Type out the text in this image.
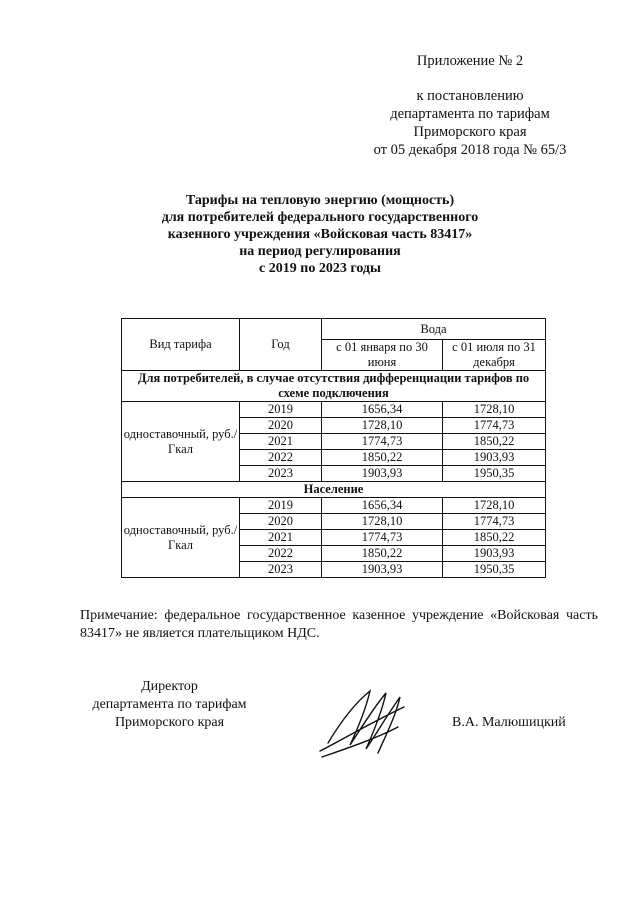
Приложение № 2
к постановлению
департамента по тарифам
Приморского края
от 05 декабря 2018 года № 65/3
Тарифы на тепловую энергию (мощность)
для потребителей федерального государственного
казенного учреждения «Войсковая часть 83417»
на период регулирования
с 2019 по 2023 годы
Вид тарифа	Год	Вода	
		с 01 января по 30 июня	с 01 июля по 31 декабря
Для потребителей, в случае отсутствия дифференциации тарифов по схеме подключения			
одноставочный, руб./Гкал	2019	1656,34	1728,10
	2020	1728,10	1774,73
	2021	1774,73	1850,22
	2022	1850,22	1903,93
	2023	1903,93	1950,35
Население			
одноставочный, руб./Гкал	2019	1656,34	1728,10
	2020	1728,10	1774,73
	2021	1774,73	1850,22
	2022	1850,22	1903,93
	2023	1903,93	1950,35
Примечание: федеральное государственное казенное учреждение «Войсковая часть 83417» не является плательщиком НДС.
Директор
департамента по тарифам
Приморского края	В.А. Малюшицкий
